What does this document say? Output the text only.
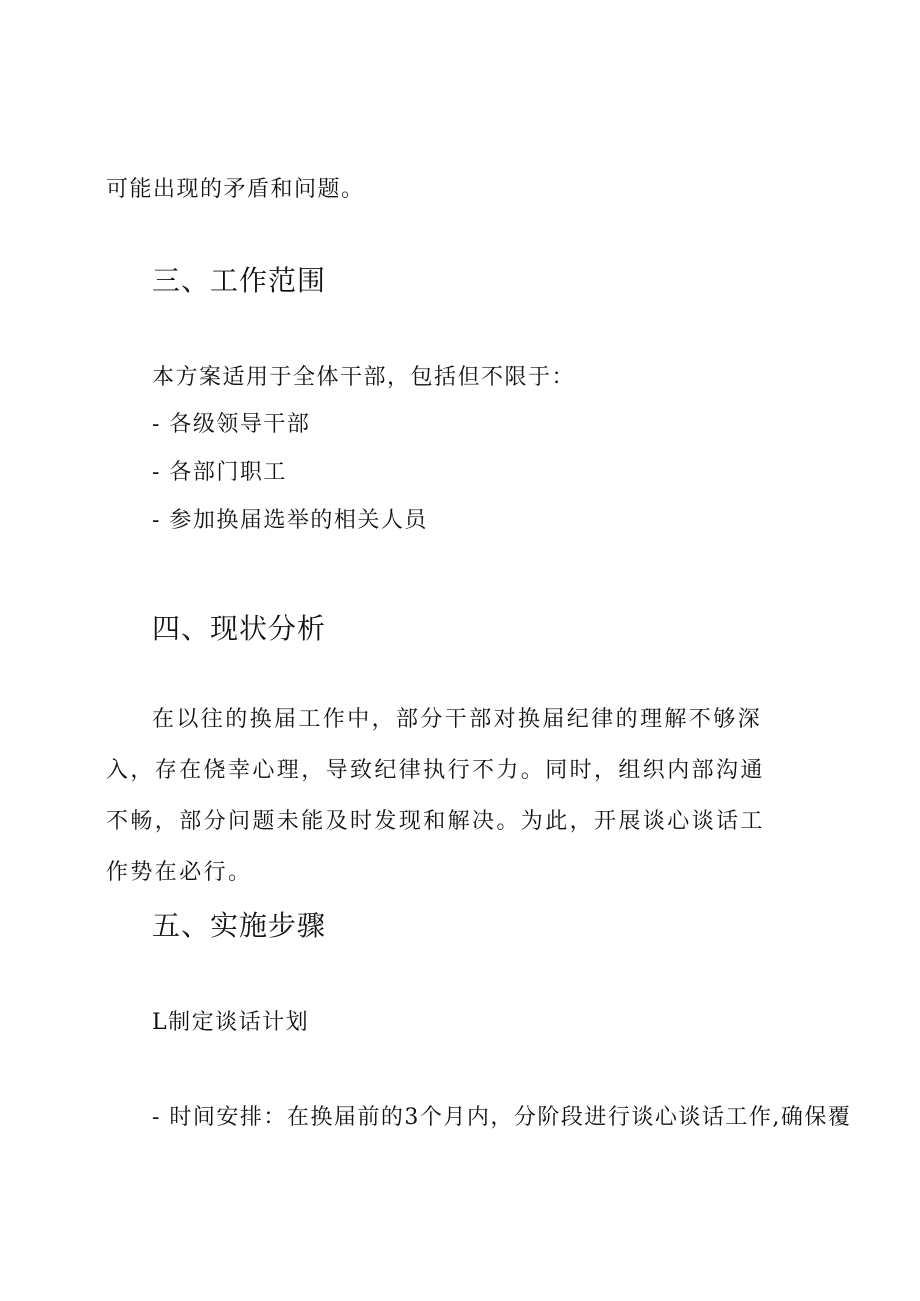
可能出现的矛盾和问题。
三、工作范围
本方案适用于全体干部，包括但不限于：
- 各级领导干部
- 各部门职工
- 参加换届选举的相关人员
四、现状分析

在以往的换届工作中，部分干部对换届纪律的理解不够深入，存在侥幸心理，导致纪律执行不力。同时，组织内部沟通不畅，部分问题未能及时发现和解决。为此，开展谈心谈话工作势在必行。

五、实施步骤
L制定谈话计划
- 时间安排：在换届前的3个月内，分阶段进行谈心谈话工作,确保覆
